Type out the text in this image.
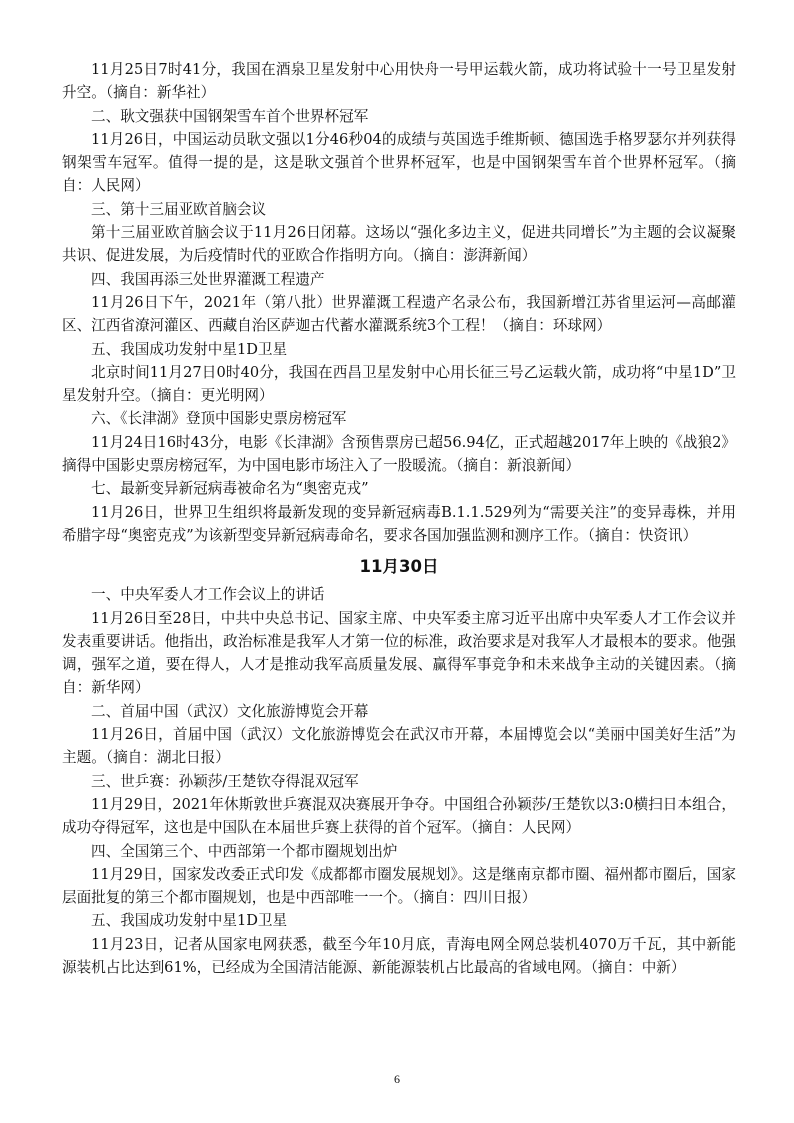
11月25日7时41分，我国在酒泉卫星发射中心用快舟一号甲运载火箭，成功将试验十一号卫星发射升空。（摘自：新华社）

二、耿文强获中国钢架雪车首个世界杯冠军

11月26日，中国运动员耿文强以1分46秒04的成绩与英国选手维斯顿、德国选手格罗瑟尔并列获得钢架雪车冠军。值得一提的是，这是耿文强首个世界杯冠军，也是中国钢架雪车首个世界杯冠军。（摘自：人民网）

三、第十三届亚欧首脑会议

第十三届亚欧首脑会议于11月26日闭幕。这场以“强化多边主义，促进共同增长”为主题的会议凝聚共识、促进发展，为后疫情时代的亚欧合作指明方向。（摘自：澎湃新闻）

四、我国再添三处世界灌溉工程遗产

11月26日下午，2021年（第八批）世界灌溉工程遗产名录公布，我国新增江苏省里运河—高邮灌区、江西省潦河灌区、西藏自治区萨迦古代蓄水灌溉系统3个工程！（摘自：环球网）

五、我国成功发射中星1D卫星

北京时间11月27日0时40分，我国在西昌卫星发射中心用长征三号乙运载火箭，成功将“中星1D”卫星发射升空。（摘自：更光明网）

六、《长津湖》登顶中国影史票房榜冠军

11月24日16时43分，电影《长津湖》含预售票房已超56.94亿，正式超越2017年上映的《战狼2》摘得中国影史票房榜冠军，为中国电影市场注入了一股暖流。（摘自：新浪新闻）

七、最新变异新冠病毒被命名为“奥密克戎”

11月26日，世界卫生组织将最新发现的变异新冠病毒B.1.1.529列为“需要关注”的变异毒株，并用希腊字母“奥密克戎”为该新型变异新冠病毒命名，要求各国加强监测和测序工作。（摘自：快资讯）

11月30日

一、中央军委人才工作会议上的讲话

11月26日至28日，中共中央总书记、国家主席、中央军委主席习近平出席中央军委人才工作会议并发表重要讲话。他指出，政治标准是我军人才第一位的标准，政治要求是对我军人才最根本的要求。他强调，强军之道，要在得人，人才是推动我军高质量发展、赢得军事竞争和未来战争主动的关键因素。（摘自：新华网）

二、首届中国（武汉）文化旅游博览会开幕

11月26日，首届中国（武汉）文化旅游博览会在武汉市开幕，本届博览会以“美丽中国美好生活”为主题。（摘自：湖北日报）

三、世乒赛：孙颖莎/王楚钦夺得混双冠军

11月29日，2021年休斯敦世乒赛混双决赛展开争夺。中国组合孙颖莎/王楚钦以3:0横扫日本组合，成功夺得冠军，这也是中国队在本届世乒赛上获得的首个冠军。（摘自：人民网）

四、全国第三个、中西部第一个都市圈规划出炉

11月29日，国家发改委正式印发《成都都市圈发展规划》。这是继南京都市圈、福州都市圈后，国家层面批复的第三个都市圈规划，也是中西部唯一一个。（摘自：四川日报）

五、我国成功发射中星1D卫星

11月23日，记者从国家电网获悉，截至今年10月底，青海电网全网总装机4070万千瓦，其中新能源装机占比达到61%，已经成为全国清洁能源、新能源装机占比最高的省域电网。（摘自：中新）

6
